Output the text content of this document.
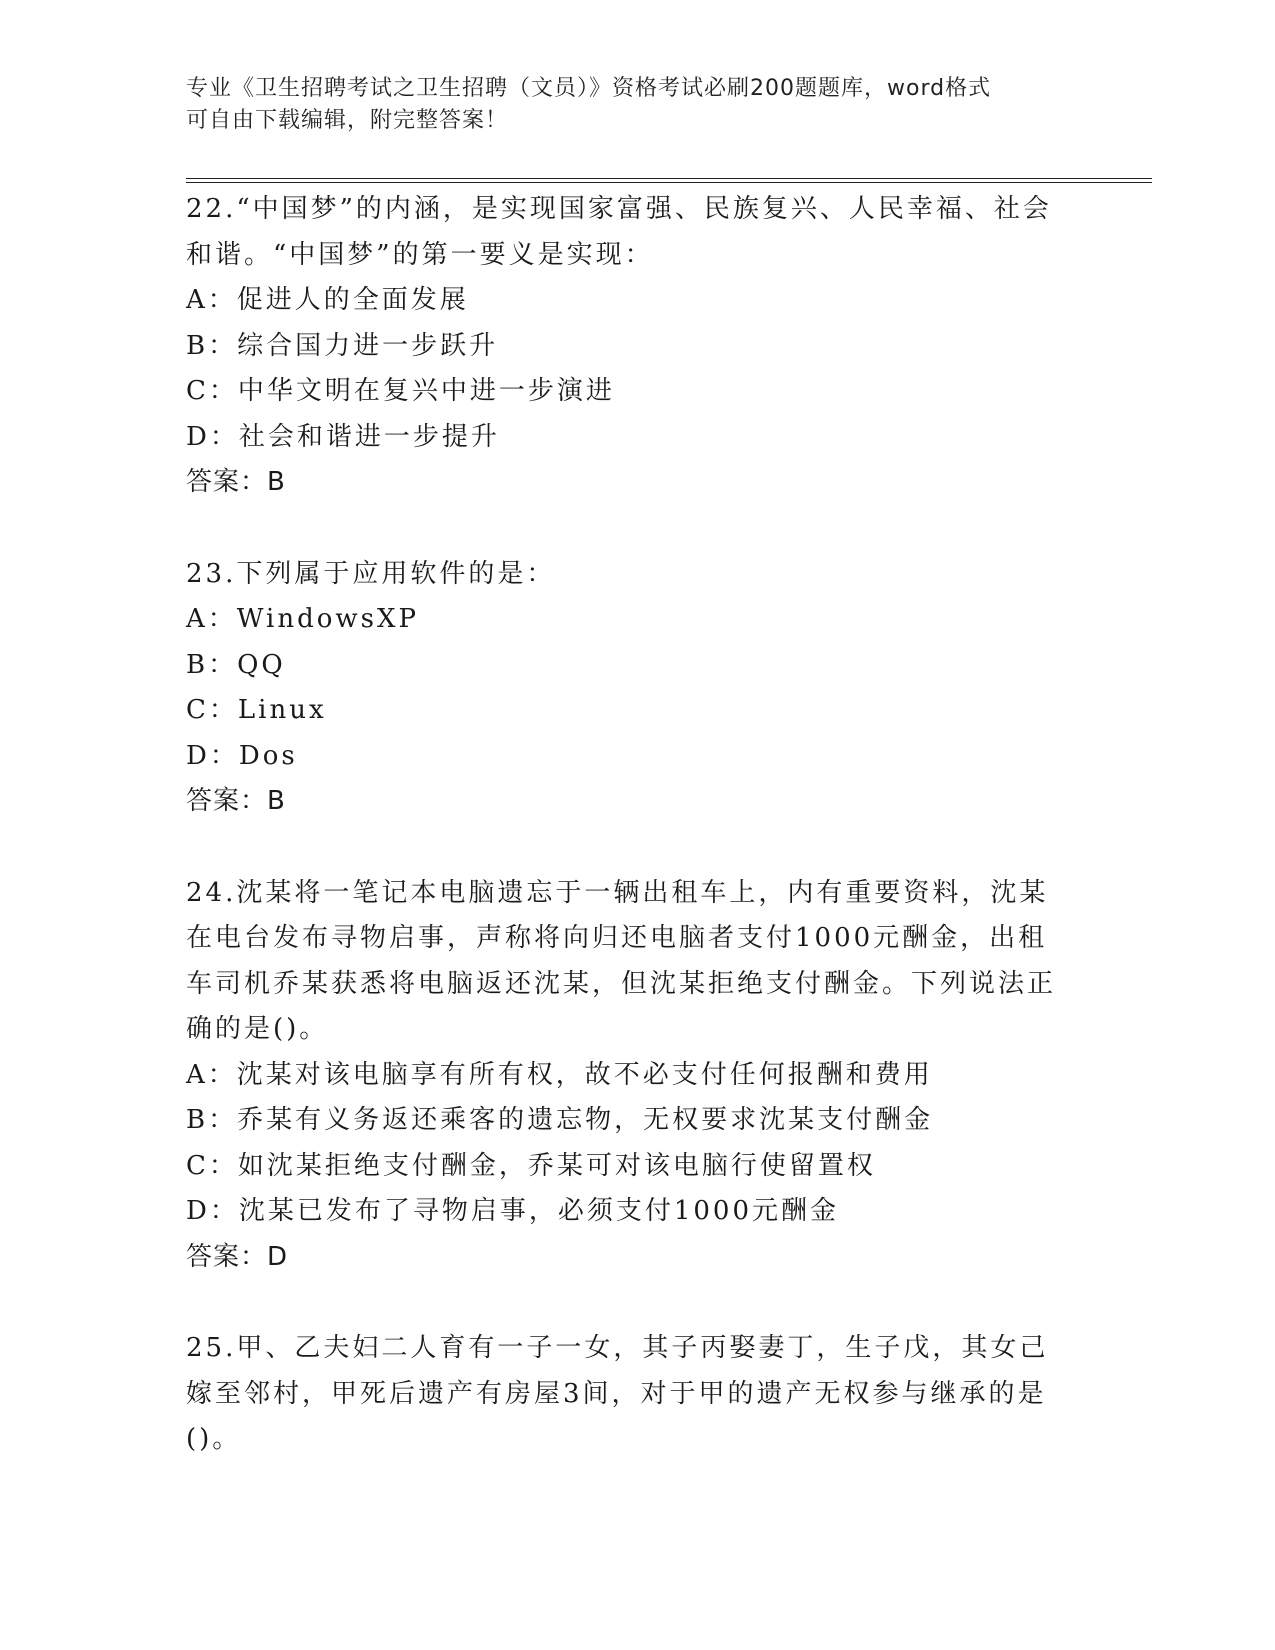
专业《卫生招聘考试之卫生招聘（文员）》资格考试必刷200题题库，word格式
可自由下载编辑，附完整答案！
22.“中国梦”的内涵，是实现国家富强、民族复兴、人民幸福、社会和谐。“中国梦”的第一要义是实现：
A：促进人的全面发展
B：综合国力进一步跃升
C：中华文明在复兴中进一步演进
D：社会和谐进一步提升
答案：B
23.下列属于应用软件的是：
A：WindowsXP
B：QQ
C：Linux
D：Dos
答案：B
24.沈某将一笔记本电脑遗忘于一辆出租车上，内有重要资料，沈某在电台发布寻物启事，声称将向归还电脑者支付1000元酬金，出租车司机乔某获悉将电脑返还沈某，但沈某拒绝支付酬金。下列说法正确的是()。
A：沈某对该电脑享有所有权，故不必支付任何报酬和费用
B：乔某有义务返还乘客的遗忘物，无权要求沈某支付酬金
C：如沈某拒绝支付酬金，乔某可对该电脑行使留置权
D：沈某已发布了寻物启事，必须支付1000元酬金
答案：D
25.甲、乙夫妇二人育有一子一女，其子丙娶妻丁，生子戊，其女己嫁至邻村，甲死后遗产有房屋3间，对于甲的遗产无权参与继承的是()。
